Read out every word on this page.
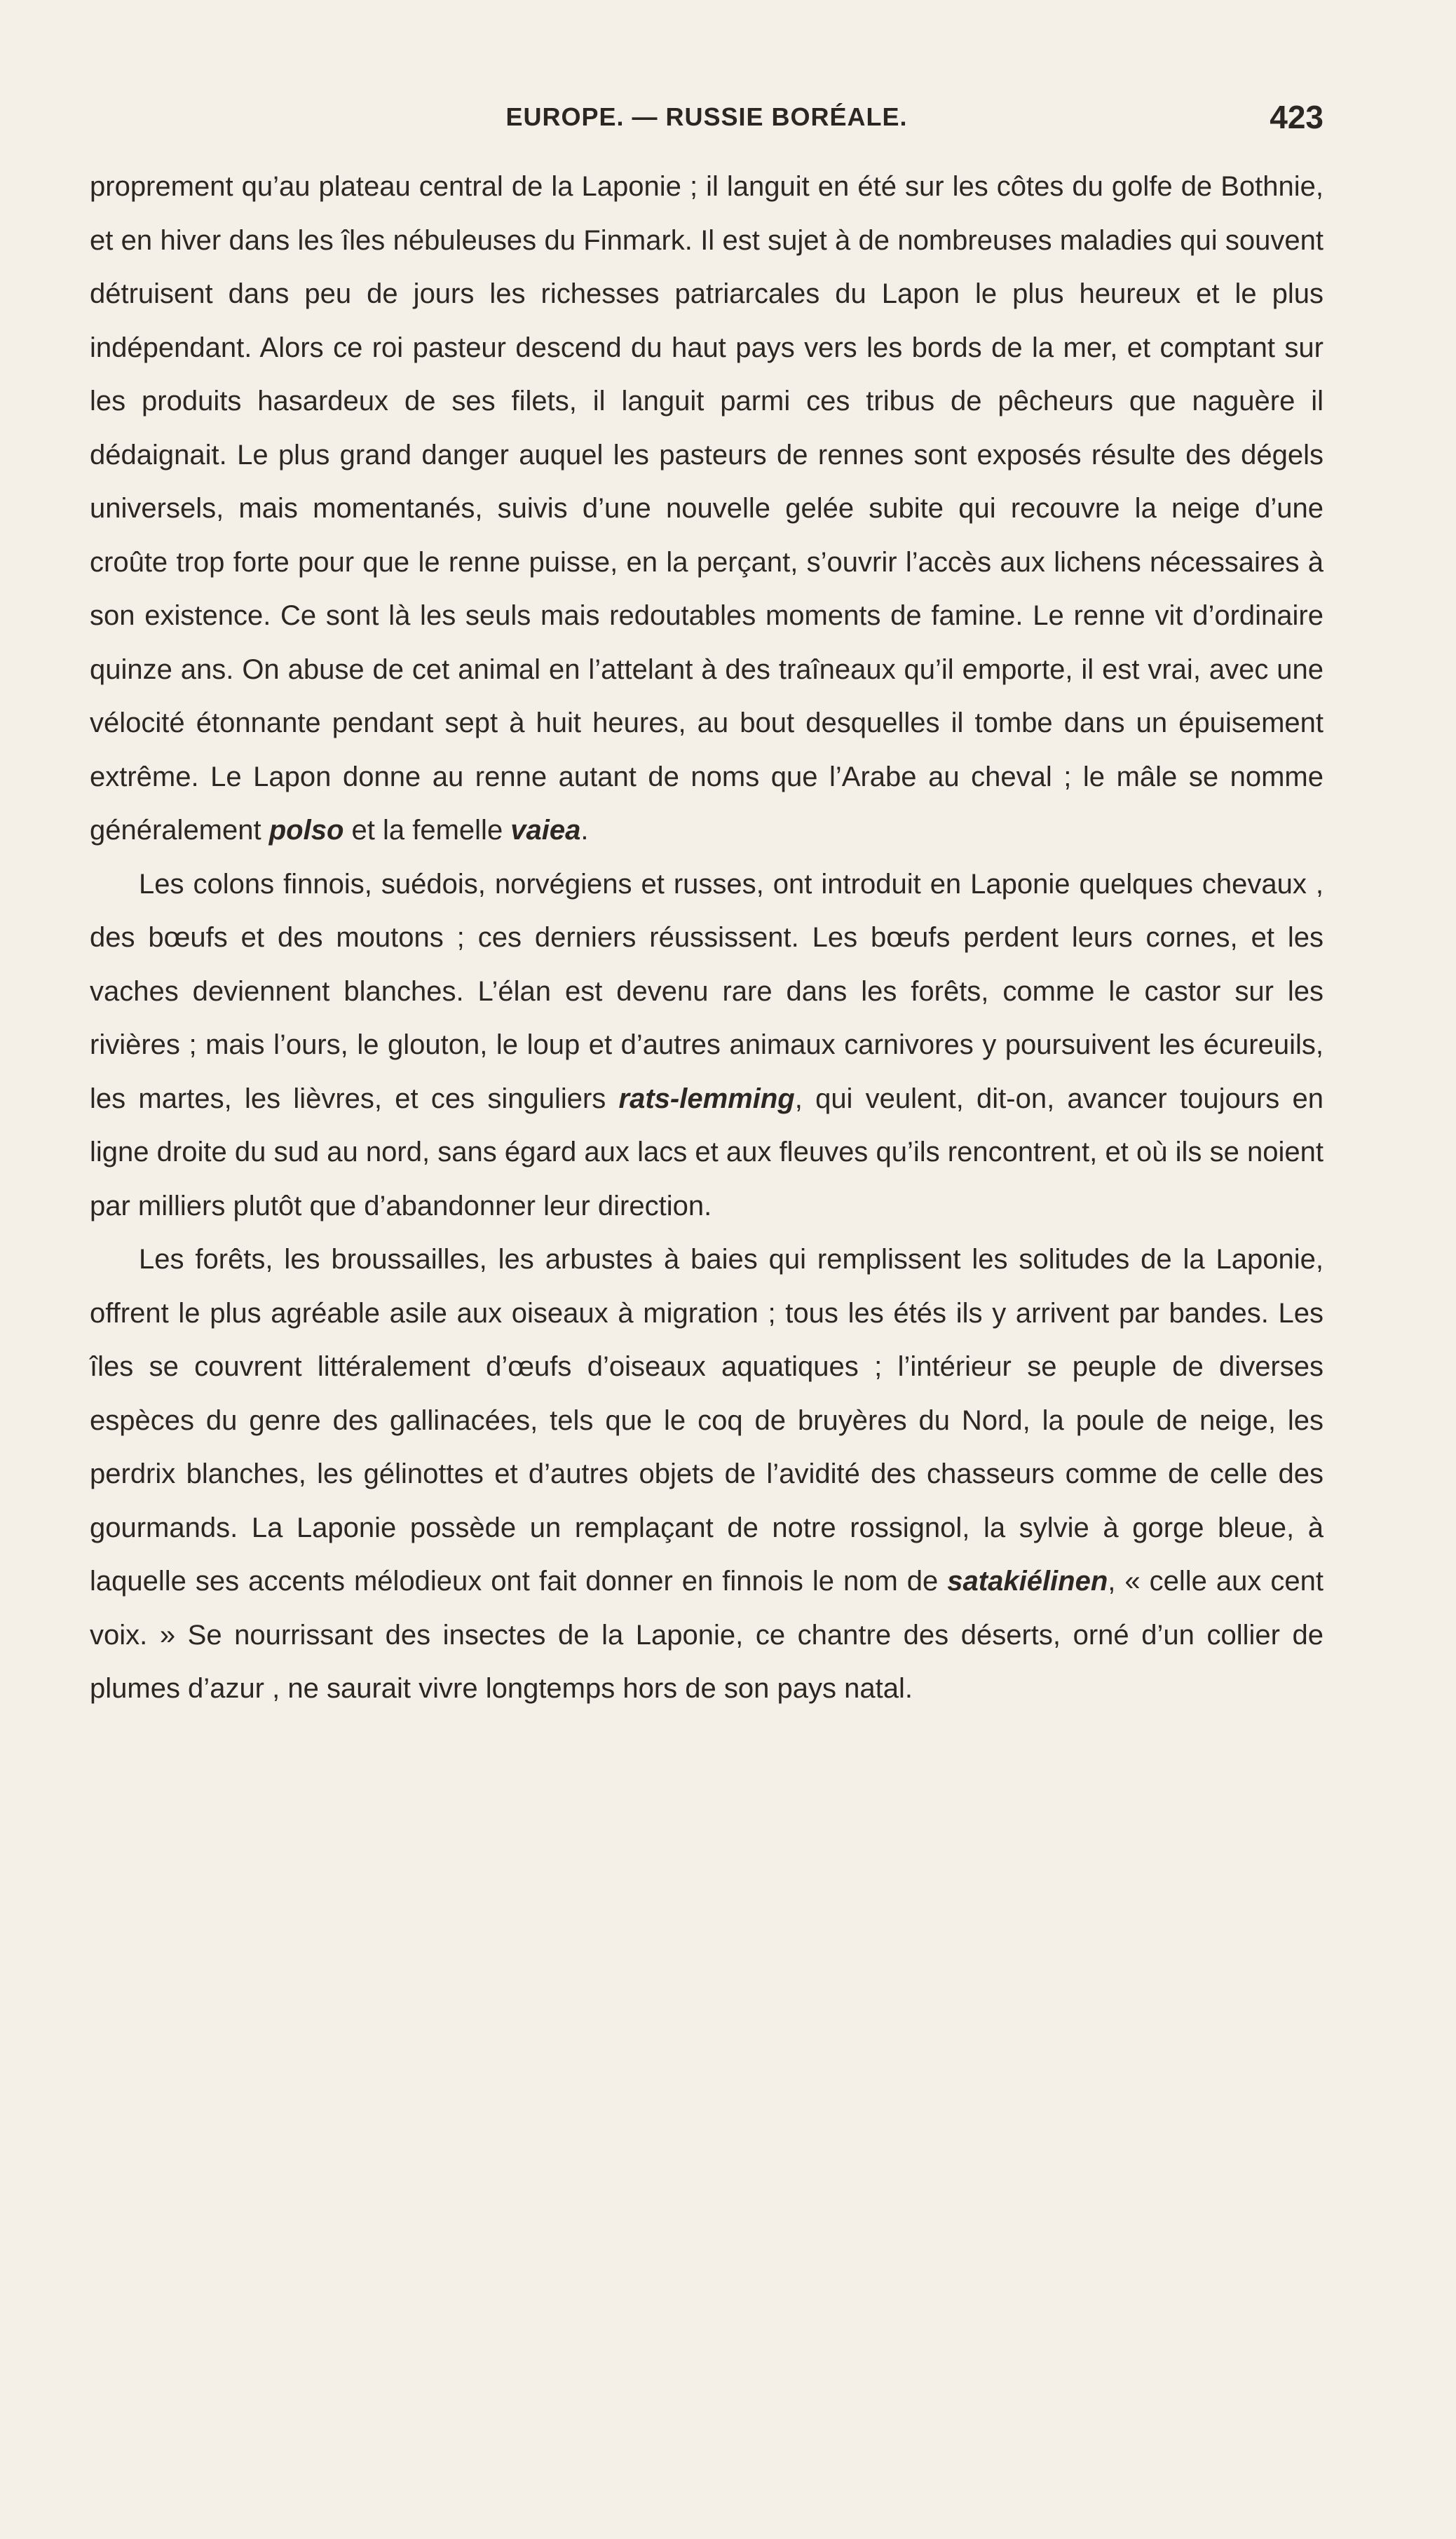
EUROPE. — RUSSIE BORÉALE.	423

proprement qu’au plateau central de la Laponie ; il languit en été sur les côtes du golfe de Bothnie, et en hiver dans les îles nébuleuses du Finmark. Il est sujet à de nombreuses maladies qui souvent détruisent dans peu de jours les richesses patriarcales du Lapon le plus heureux et le plus indépendant. Alors ce roi pasteur descend du haut pays vers les bords de la mer, et comptant sur les produits hasardeux de ses filets, il languit parmi ces tribus de pêcheurs que naguère il dédaignait. Le plus grand danger auquel les pasteurs de rennes sont exposés résulte des dégels universels, mais momentanés, suivis d’une nouvelle gelée subite qui recouvre la neige d’une croûte trop forte pour que le renne puisse, en la perçant, s’ouvrir l’accès aux lichens nécessaires à son existence. Ce sont là les seuls mais redoutables moments de famine. Le renne vit d’ordinaire quinze ans. On abuse de cet animal en l’attelant à des traîneaux qu’il emporte, il est vrai, avec une vélocité étonnante pendant sept à huit heures, au bout desquelles il tombe dans un épuisement extrême. Le Lapon donne au renne autant de noms que l’Arabe au cheval ; le mâle se nomme généralement polso et la femelle vaiea.

Les colons finnois, suédois, norvégiens et russes, ont introduit en Laponie quelques chevaux , des bœufs et des moutons ; ces derniers réussissent. Les bœufs perdent leurs cornes, et les vaches deviennent blanches. L’élan est devenu rare dans les forêts, comme le castor sur les rivières ; mais l’ours, le glouton, le loup et d’autres animaux carnivores y poursuivent les écureuils, les martes, les lièvres, et ces singuliers rats-lemming, qui veulent, dit-on, avancer toujours en ligne droite du sud au nord, sans égard aux lacs et aux fleuves qu’ils rencontrent, et où ils se noient par milliers plutôt que d’abandonner leur direction.

Les forêts, les broussailles, les arbustes à baies qui remplissent les solitudes de la Laponie, offrent le plus agréable asile aux oiseaux à migration ; tous les étés ils y arrivent par bandes. Les îles se couvrent littéralement d’œufs d’oiseaux aquatiques ; l’intérieur se peuple de diverses espèces du genre des gallinacées, tels que le coq de bruyères du Nord, la poule de neige, les perdrix blanches, les gélinottes et d’autres objets de l’avidité des chasseurs comme de celle des gourmands. La Laponie possède un remplaçant de notre rossignol, la sylvie à gorge bleue, à laquelle ses accents mélodieux ont fait donner en finnois le nom de satakiélinen, « celle aux cent voix. » Se nourrissant des insectes de la Laponie, ce chantre des déserts, orné d’un collier de plumes d’azur , ne saurait vivre longtemps hors de son pays natal.
